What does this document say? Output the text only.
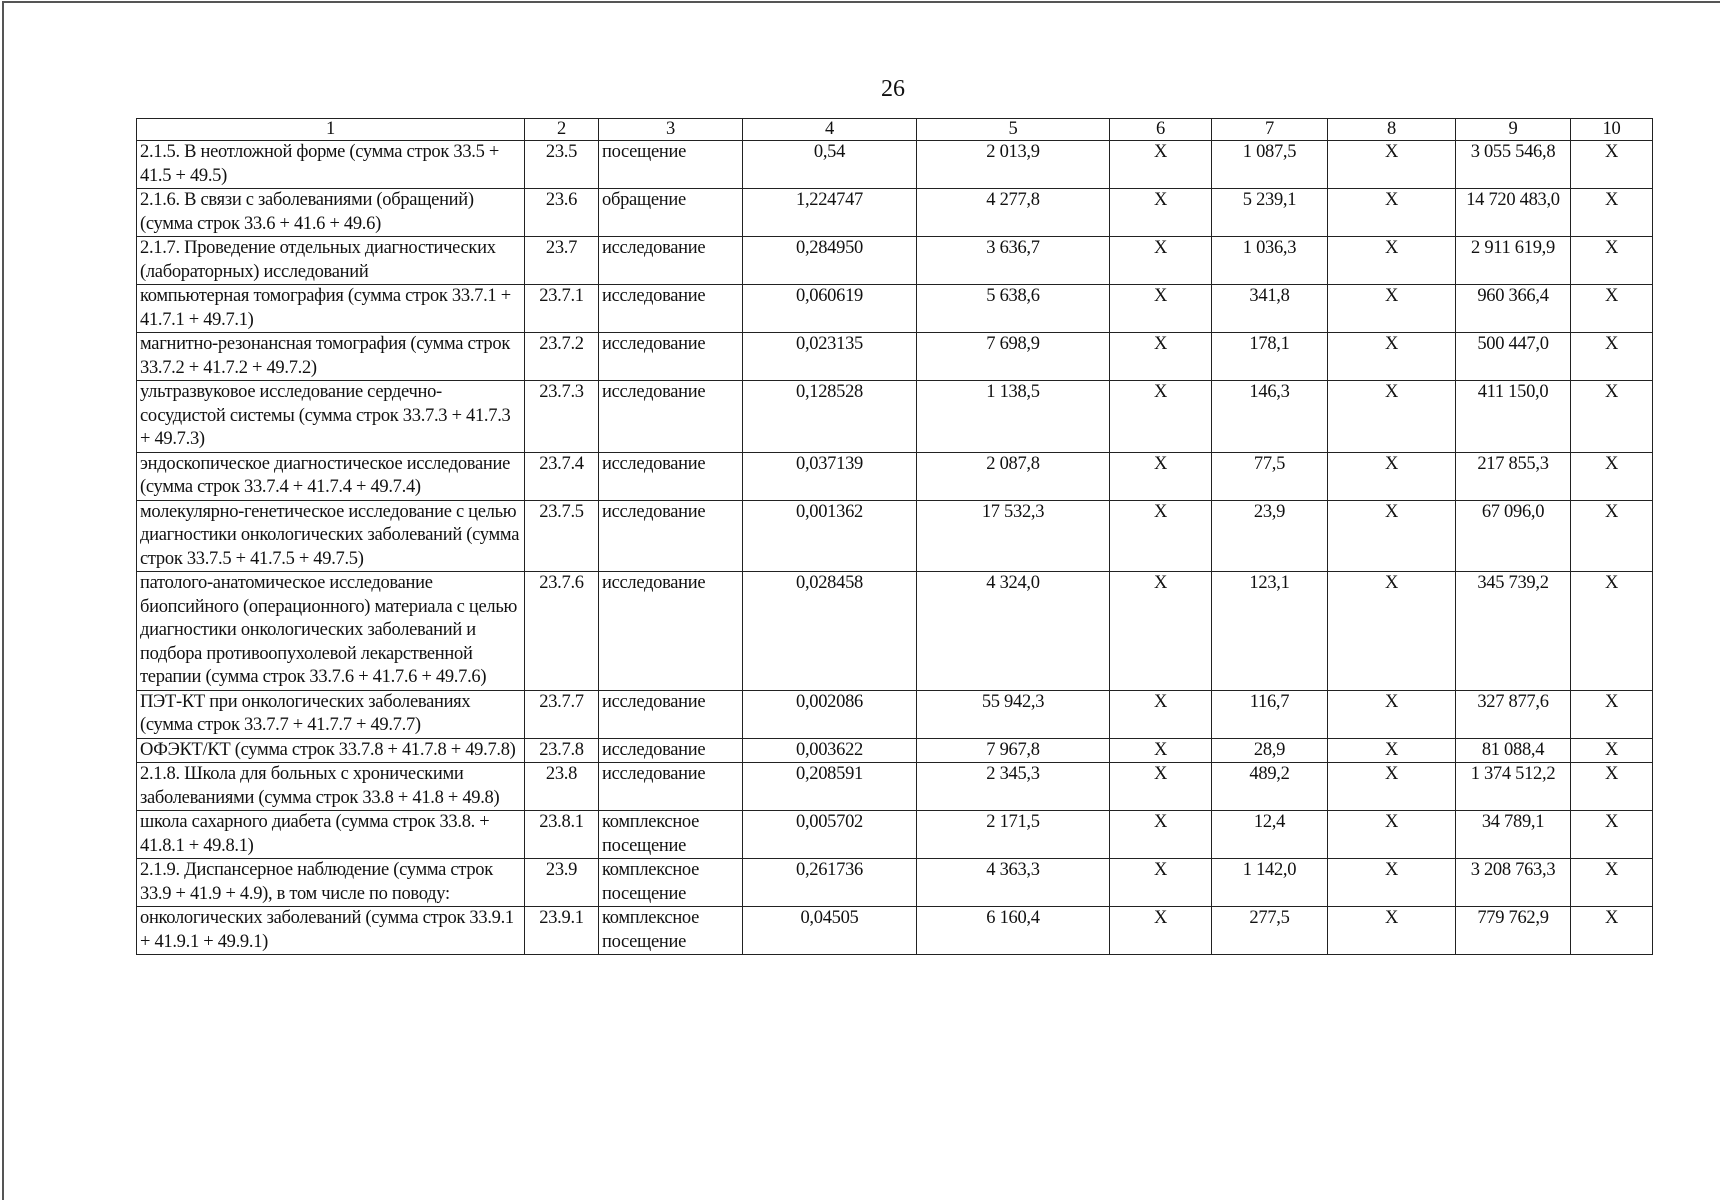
26
1	2	3	4	5	6	7	8	9	10
2.1.5. В неотложной форме (сумма строк 33.5 + 41.5 + 49.5)	23.5	посещение	0,54	2 013,9	X	1 087,5	X	3 055 546,8	X
2.1.6. В связи с заболеваниями (обращений) (сумма строк 33.6 + 41.6 + 49.6)	23.6	обращение	1,224747	4 277,8	X	5 239,1	X	14 720 483,0	X
2.1.7. Проведение отдельных диагностических (лабораторных) исследований	23.7	исследование	0,284950	3 636,7	X	1 036,3	X	2 911 619,9	X
компьютерная томография (сумма строк 33.7.1 + 41.7.1 + 49.7.1)	23.7.1	исследование	0,060619	5 638,6	X	341,8	X	960 366,4	X
магнитно-резонансная томография (сумма строк 33.7.2 + 41.7.2 + 49.7.2)	23.7.2	исследование	0,023135	7 698,9	X	178,1	X	500 447,0	X
ультразвуковое исследование сердечно-сосудистой системы (сумма строк 33.7.3 + 41.7.3 + 49.7.3)	23.7.3	исследование	0,128528	1 138,5	X	146,3	X	411 150,0	X
эндоскопическое диагностическое исследование (сумма строк 33.7.4 + 41.7.4 + 49.7.4)	23.7.4	исследование	0,037139	2 087,8	X	77,5	X	217 855,3	X
молекулярно-генетическое исследование с целью диагностики онкологических заболеваний (сумма строк 33.7.5 + 41.7.5 + 49.7.5)	23.7.5	исследование	0,001362	17 532,3	X	23,9	X	67 096,0	X
патолого-анатомическое исследование биопсийного (операционного) материала с целью диагностики онкологических заболеваний и подбора противоопухолевой лекарственной терапии (сумма строк 33.7.6 + 41.7.6 + 49.7.6)	23.7.6	исследование	0,028458	4 324,0	X	123,1	X	345 739,2	X
ПЭТ-КТ при онкологических заболеваниях (сумма строк 33.7.7 + 41.7.7 + 49.7.7)	23.7.7	исследование	0,002086	55 942,3	X	116,7	X	327 877,6	X
ОФЭКТ/КТ (сумма строк 33.7.8 + 41.7.8 + 49.7.8)	23.7.8	исследование	0,003622	7 967,8	X	28,9	X	81 088,4	X
2.1.8. Школа для больных с хроническими заболеваниями (сумма строк 33.8 + 41.8 + 49.8)	23.8	исследование	0,208591	2 345,3	X	489,2	X	1 374 512,2	X
школа сахарного диабета (сумма строк 33.8. + 41.8.1 + 49.8.1)	23.8.1	комплексное посещение	0,005702	2 171,5	X	12,4	X	34 789,1	X
2.1.9. Диспансерное наблюдение (сумма строк 33.9 + 41.9 + 4.9), в том числе по поводу:	23.9	комплексное посещение	0,261736	4 363,3	X	1 142,0	X	3 208 763,3	X
онкологических заболеваний (сумма строк 33.9.1 + 41.9.1 + 49.9.1)	23.9.1	комплексное посещение	0,04505	6 160,4	X	277,5	X	779 762,9	X
